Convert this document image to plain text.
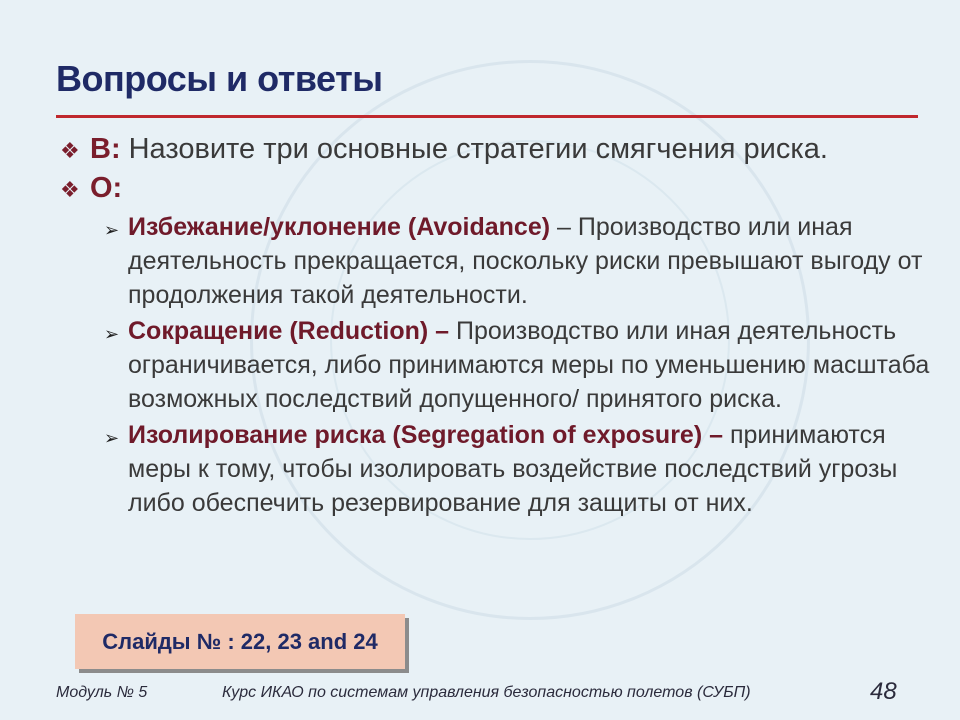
Вопросы и ответы
❖ В: Назовите три основные стратегии смягчения риска.
❖ О:
➢ Избежание/уклонение (Avoidance) – Производство или иная деятельность прекращается, поскольку риски превышают выгоду от продолжения такой деятельности.
➢ Сокращение (Reduction) – Производство или иная деятельность ограничивается, либо принимаются меры по уменьшению масштаба возможных последствий допущенного/ принятого риска.
➢ Изолирование риска (Segregation of exposure) – принимаются меры к тому, чтобы изолировать воздействие последствий угрозы либо обеспечить резервирование для защиты от них.
Слайды № : 22, 23 and 24
Модуль № 5	Курс ИКАО по системам управления безопасностью полетов (СУБП)	48
